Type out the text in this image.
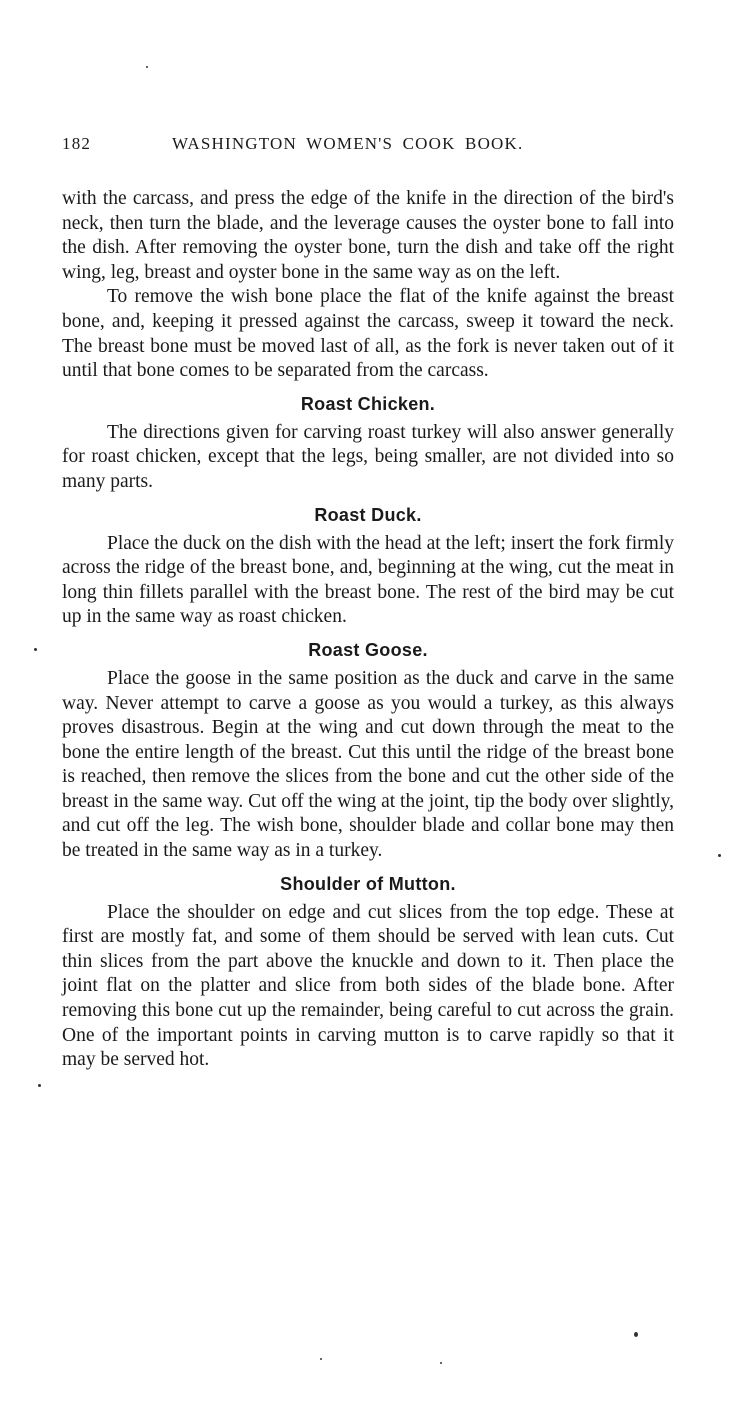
182	WASHINGTON WOMEN'S COOK BOOK.

with the carcass, and press the edge of the knife in the direction of the bird's neck, then turn the blade, and the leverage causes the oyster bone to fall into the dish. After removing the oyster bone, turn the dish and take off the right wing, leg, breast and oyster bone in the same way as on the left.

To remove the wish bone place the flat of the knife against the breast bone, and, keeping it pressed against the carcass, sweep it toward the neck. The breast bone must be moved last of all, as the fork is never taken out of it until that bone comes to be separated from the carcass.

Roast Chicken.

The directions given for carving roast turkey will also answer generally for roast chicken, except that the legs, being smaller, are not divided into so many parts.

Roast Duck.

Place the duck on the dish with the head at the left; insert the fork firmly across the ridge of the breast bone, and, beginning at the wing, cut the meat in long thin fillets parallel with the breast bone. The rest of the bird may be cut up in the same way as roast chicken.

Roast Goose.

Place the goose in the same position as the duck and carve in the same way. Never attempt to carve a goose as you would a turkey, as this always proves disastrous. Begin at the wing and cut down through the meat to the bone the entire length of the breast. Cut this until the ridge of the breast bone is reached, then remove the slices from the bone and cut the other side of the breast in the same way. Cut off the wing at the joint, tip the body over slightly, and cut off the leg. The wish bone, shoulder blade and collar bone may then be treated in the same way as in a turkey.

Shoulder of Mutton.

Place the shoulder on edge and cut slices from the top edge. These at first are mostly fat, and some of them should be served with lean cuts. Cut thin slices from the part above the knuckle and down to it. Then place the joint flat on the platter and slice from both sides of the blade bone. After removing this bone cut up the remainder, being careful to cut across the grain. One of the important points in carving mutton is to carve rapidly so that it may be served hot.
